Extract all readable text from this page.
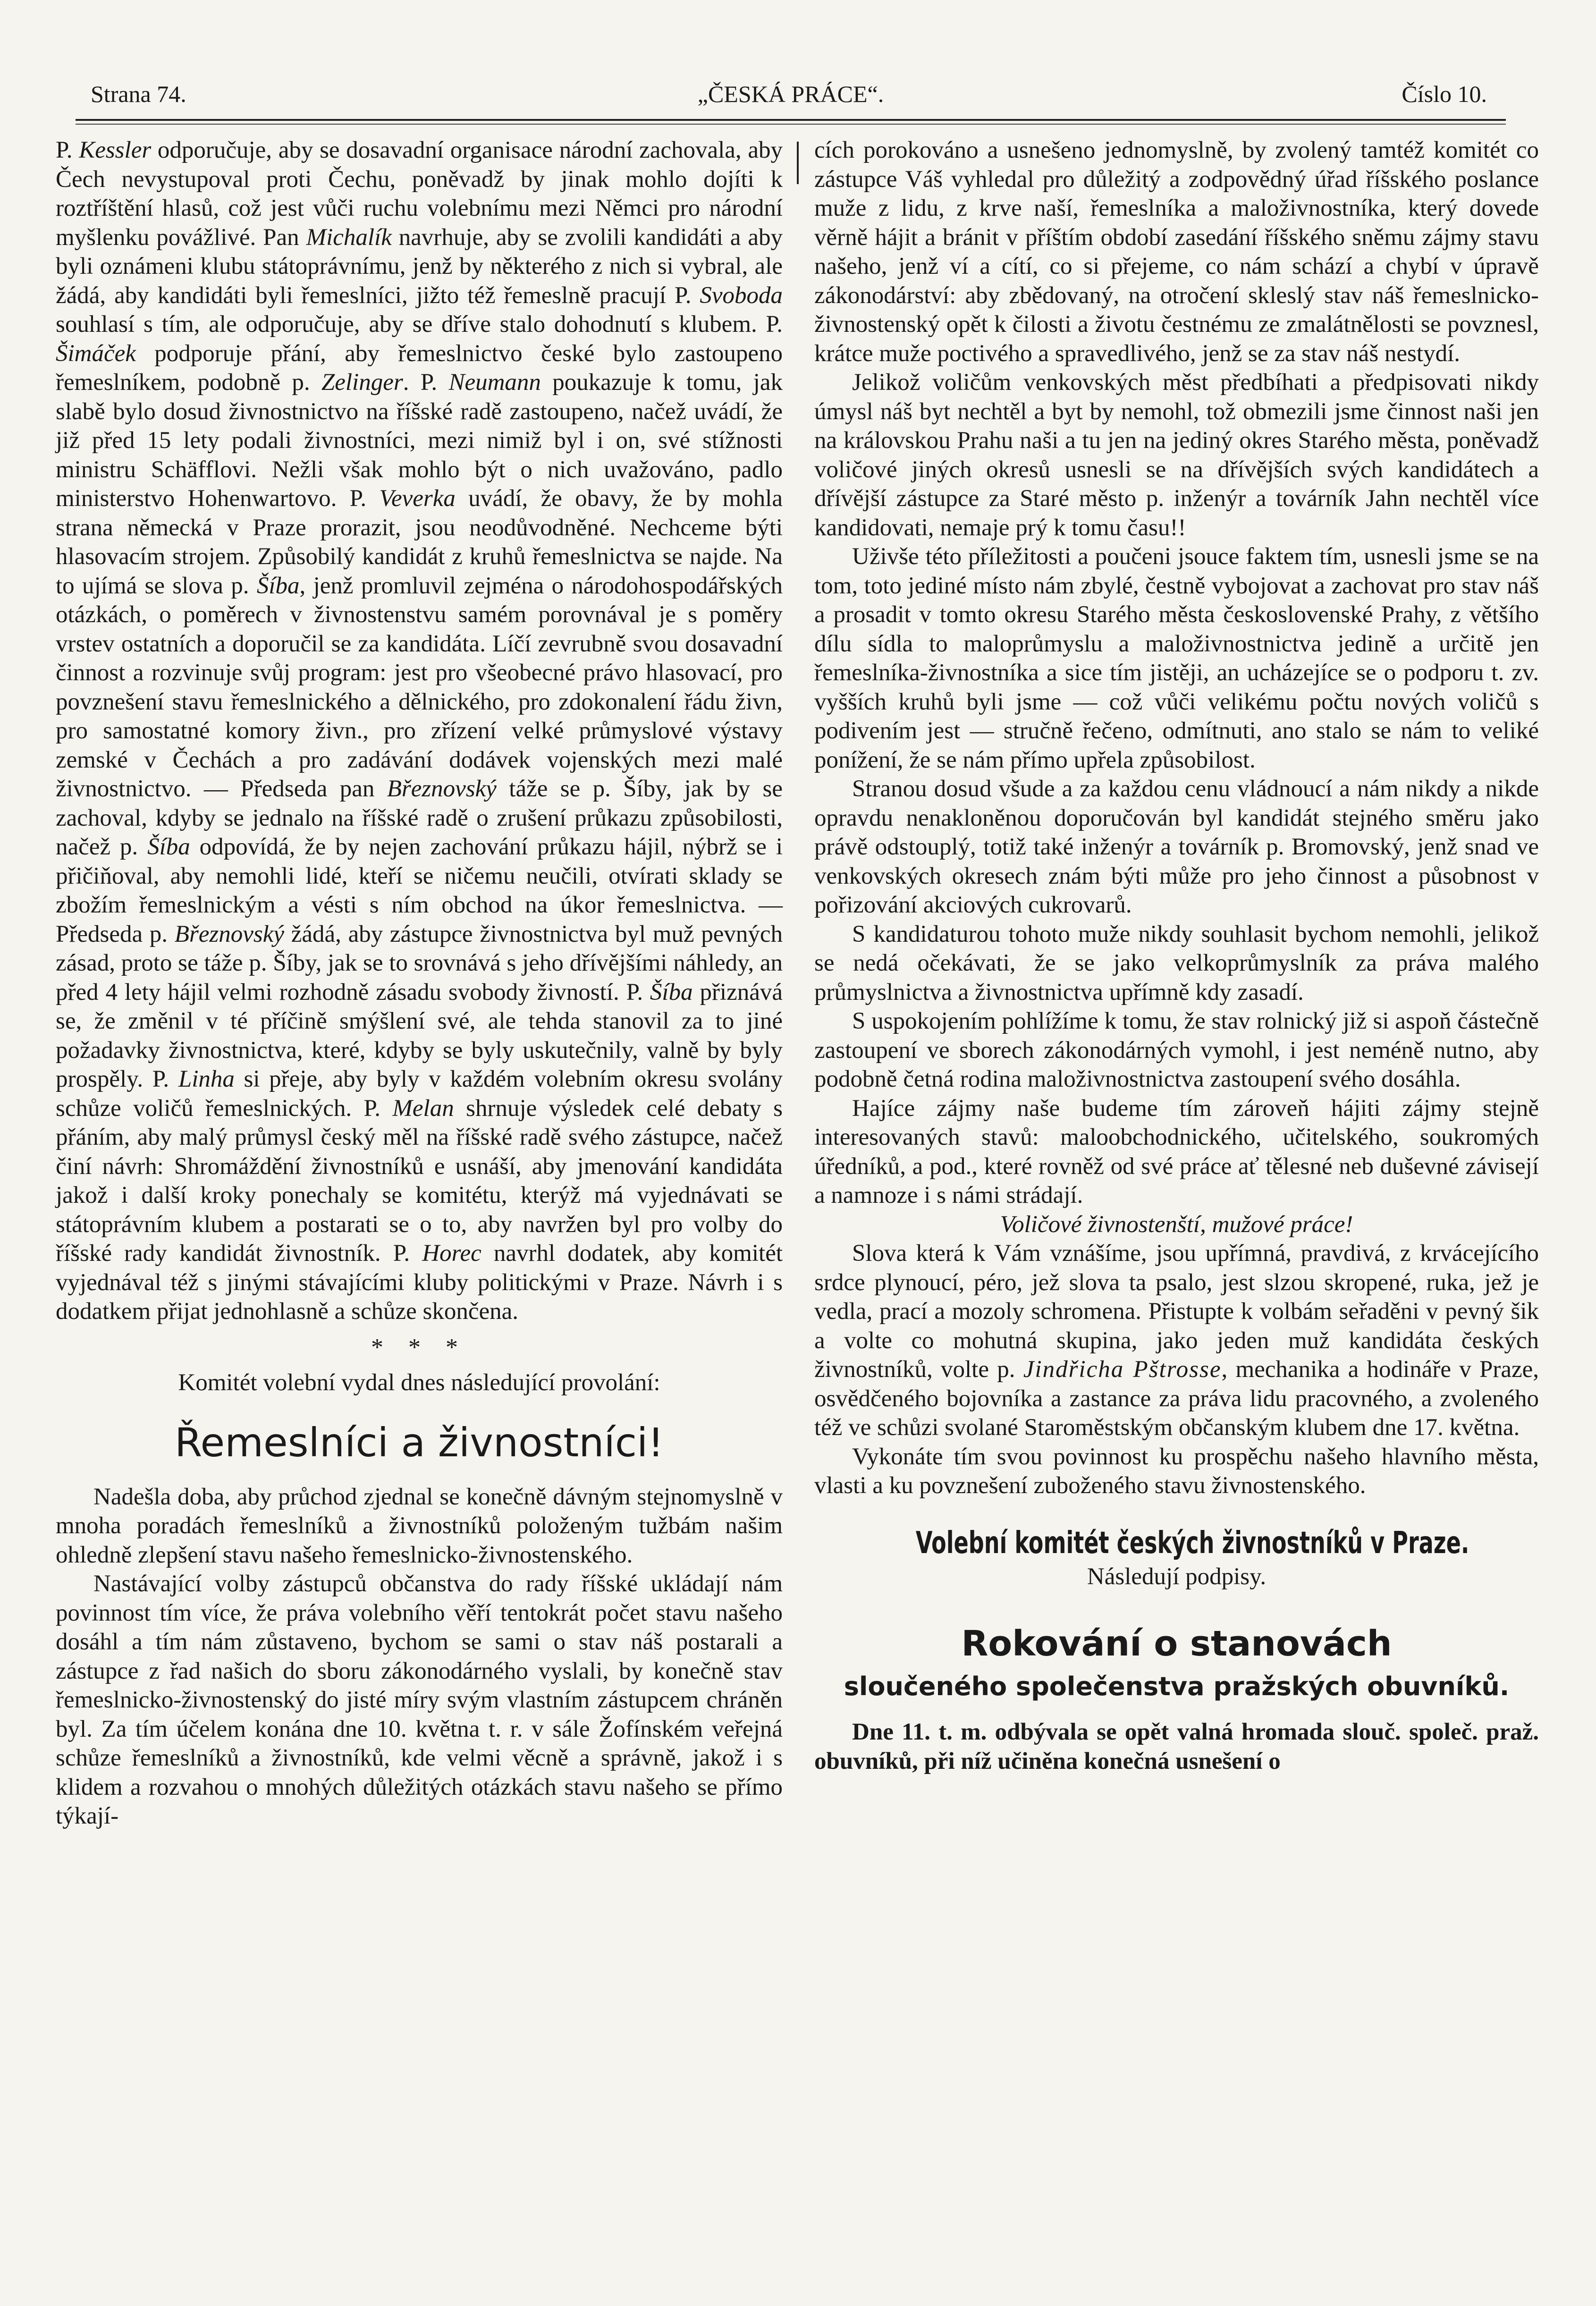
Strana 74.	„ČESKÁ PRÁCE“.	Číslo 10.

P. Kessler odporučuje, aby se dosavadní organisace národní zachovala, aby Čech nevystupoval proti Čechu, poněvadž by jinak mohlo dojíti k roztříštění hlasů, což jest vůči ruchu volebnímu mezi Němci pro národní myšlenku povážlivé. Pan Michalík navrhuje, aby se zvolili kandidáti a aby byli oznámeni klubu státoprávnímu, jenž by některého z nich si vybral, ale žádá, aby kandidáti byli řemeslníci, jižto též řemeslně pracují P. Svoboda souhlasí s tím, ale odporučuje, aby se dříve stalo dohodnutí s klubem. P. Šimáček podporuje přání, aby řemeslnictvo české bylo zastoupeno řemeslníkem, podobně p. Zelinger. P. Neumann poukazuje k tomu, jak slabě bylo dosud živnostnictvo na říšské radě zastoupeno, načež uvádí, že již před 15 lety podali živnostníci, mezi nimiž byl i on, své stížnosti ministru Schäfflovi. Nežli však mohlo být o nich uvažováno, padlo ministerstvo Hohenwartovo. P. Veverka uvádí, že obavy, že by mohla strana německá v Praze prorazit, jsou neodůvodněné. Nechceme býti hlasovacím strojem. Způsobilý kandidát z kruhů řemeslnictva se najde. Na to ujímá se slova p. Šíba, jenž promluvil zejména o národohospodářských otázkách, o poměrech v živnostenstvu samém porovnával je s poměry vrstev ostatních a doporučil se za kandidáta. Líčí zevrubně svou dosavadní činnost a rozvinuje svůj program: jest pro všeobecné právo hlasovací, pro povznešení stavu řemeslnického a dělnického, pro zdokonalení řádu živn, pro samostatné komory živn., pro zřízení velké průmyslové výstavy zemské v Čechách a pro zadávání dodávek vojenských mezi malé živnostnictvo. — Předseda pan Březnovský táže se p. Šíby, jak by se zachoval, kdyby se jednalo na říšské radě o zrušení průkazu způsobilosti, načež p. Šíba odpovídá, že by nejen zachování průkazu hájil, nýbrž se i přičiňoval, aby nemohli lidé, kteří se ničemu neučili, otvírati sklady se zbožím řemeslnickým a vésti s ním obchod na úkor řemeslnictva. — Předseda p. Březnovský žádá, aby zástupce živnostnictva byl muž pevných zásad, proto se táže p. Šíby, jak se to srovnává s jeho dřívějšími náhledy, an před 4 lety hájil velmi rozhodně zásadu svobody živností. P. Šíba přiznává se, že změnil v té příčině smýšlení své, ale tehda stanovil za to jiné požadavky živnostnictva, které, kdyby se byly uskutečnily, valně by byly prospěly. P. Linha si přeje, aby byly v každém volebním okresu svolány schůze voličů řemeslnických. P. Melan shrnuje výsledek celé debaty s přáním, aby malý průmysl český měl na říšské radě svého zástupce, načež činí návrh: Shromáždění živnostníků e usnáší, aby jmenování kandidáta jakož i další kroky ponechaly se komitétu, kterýž má vyjednávati se státoprávním klubem a postarati se o to, aby navržen byl pro volby do říšské rady kandidát živnostník. P. Horec navrhl dodatek, aby komitét vyjednával též s jinými stávajícími kluby politickými v Praze. Návrh i s dodatkem přijat jednohlasně a schůze skončena.

* * *

Komitét volební vydal dnes následující provolání:

Řemeslníci a živnostníci!

Nadešla doba, aby průchod zjednal se konečně dávným stejnomyslně v mnoha poradách řemeslníků a živnostníků položeným tužbám našim ohledně zlepšení stavu našeho řemeslnicko-živnostenského.

Nastávající volby zástupců občanstva do rady říšské ukládají nám povinnost tím více, že práva volebního věří tentokrát počet stavu našeho dosáhl a tím nám zůstaveno, bychom se sami o stav náš postarali a zástupce z řad našich do sboru zákonodárného vyslali, by konečně stav řemeslnicko-živnostenský do jisté míry svým vlastním zástupcem chráněn byl. Za tím účelem konána dne 10. května t. r. v sále Žofínském veřejná schůze řemeslníků a živnostníků, kde velmi věcně a správně, jakož i s klidem a rozvahou o mnohých důležitých otázkách stavu našeho se přímo týkají-

cích porokováno a usnešeno jednomyslně, by zvolený tamtéž komitét co zástupce Váš vyhledal pro důležitý a zodpovědný úřad říšského poslance muže z lidu, z krve naší, řemeslníka a maloživnostníka, který dovede věrně hájit a bránit v příštím období zasedání říšského sněmu zájmy stavu našeho, jenž ví a cítí, co si přejeme, co nám schází a chybí v úpravě zákonodárství: aby zbědovaný, na otročení skleslý stav náš řemeslnicko-živnostenský opět k čilosti a životu čestnému ze zmalátnělosti se povznesl, krátce muže poctivého a spravedlivého, jenž se za stav náš nestydí.

Jelikož voličům venkovských měst předbíhati a předpisovati nikdy úmysl náš byt nechtěl a byt by nemohl, tož obmezili jsme činnost naši jen na královskou Prahu naši a tu jen na jediný okres Starého města, poněvadž voličové jiných okresů usnesli se na dřívějších svých kandidátech a dřívější zástupce za Staré město p. inženýr a továrník Jahn nechtěl více kandidovati, nemaje prý k tomu času!!

Uživše této příležitosti a poučeni jsouce faktem tím, usnesli jsme se na tom, toto jediné místo nám zbylé, čestně vybojovat a zachovat pro stav náš a prosadit v tomto okresu Starého města československé Prahy, z většího dílu sídla to maloprůmyslu a maloživnostnictva jedině a určitě jen řemeslníka-živnostníka a sice tím jistěji, an ucházejíce se o podporu t. zv. vyšších kruhů byli jsme — což vůči velikému počtu nových voličů s podivením jest — stručně řečeno, odmítnuti, ano stalo se nám to veliké ponížení, že se nám přímo upřela způsobilost.

Stranou dosud všude a za každou cenu vládnoucí a nám nikdy a nikde opravdu nenakloněnou doporučován byl kandidát stejného směru jako právě odstouplý, totiž také inženýr a továrník p. Bromovský, jenž snad ve venkovských okresech znám býti může pro jeho činnost a působnost v pořizování akciových cukrovarů.

S kandidaturou tohoto muže nikdy souhlasit bychom nemohli, jelikož se nedá očekávati, že se jako velkoprůmyslník za práva malého průmyslnictva a živnostnictva upřímně kdy zasadí.

S uspokojením pohlížíme k tomu, že stav rolnický již si aspoň částečně zastoupení ve sborech zákonodárných vymohl, i jest neméně nutno, aby podobně četná rodina maloživnostnictva zastoupení svého dosáhla.

Hajíce zájmy naše budeme tím zároveň hájiti zájmy stejně interesovaných stavů: maloobchodnického, učitelského, soukromých úředníků, a pod., které rovněž od své práce ať tělesné neb duševné závisejí a namnoze i s námi strádají.

Voličové živnostenští, mužové práce!

Slova která k Vám vznášíme, jsou upřímná, pravdivá, z krvácejícího srdce plynoucí, péro, jež slova ta psalo, jest slzou skropené, ruka, jež je vedla, prací a mozoly schromena. Přistupte k volbám seřaděni v pevný šik a volte co mohutná skupina, jako jeden muž kandidáta českých živnostníků, volte p. Jindřicha Pštrosse, mechanika a hodináře v Praze, osvědčeného bojovníka a zastance za práva lidu pracovného, a zvoleného též ve schůzi svolané Staroměstským občanským klubem dne 17. května.

Vykonáte tím svou povinnost ku prospěchu našeho hlavního města, vlasti a ku povznešení zuboženého stavu živnostenského.

Volební komitét českých živnostníků v Praze.

Následují podpisy.

Rokování o stanovách
sloučeného společenstva pražských obuvníků.

Dne 11. t. m. odbývala se opět valná hromada slouč. společ. praž. obuvníků, při níž učiněna konečná usnešení o
